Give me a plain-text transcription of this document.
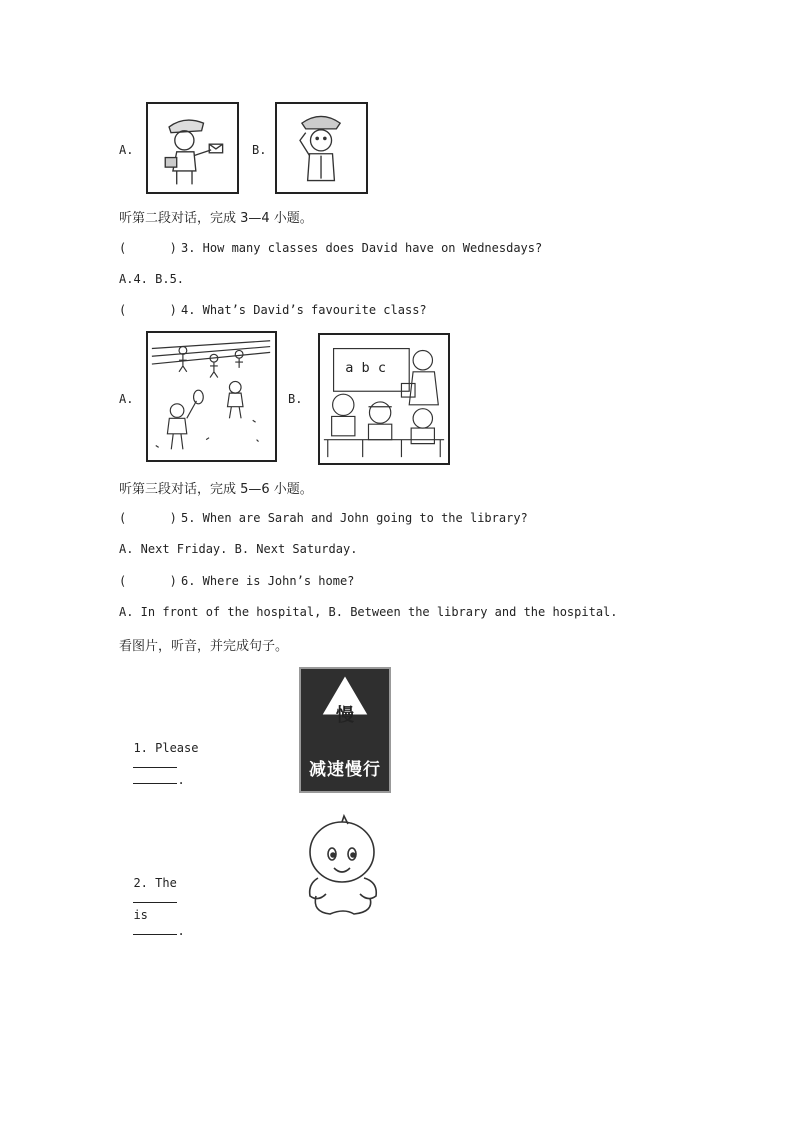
A.	B.
听第二段对话，完成 3—4 小题。
(      ) 3. How many classes does David have on Wednesdays?
A.4. B.5.
(      ) 4. What’s David’s favourite class?
A.	B.
a b c
听第三段对话，完成 5—6 小题。
(      ) 5. When are Sarah and John going to the library?
A. Next Friday. B. Next Saturday.
(      ) 6. Where is John’s home?
A. In front of the hospital, B. Between the library and the hospital.
看图片，听音，并完成句子。

1. Please

.

慢
减速慢行

2. The

is
.
